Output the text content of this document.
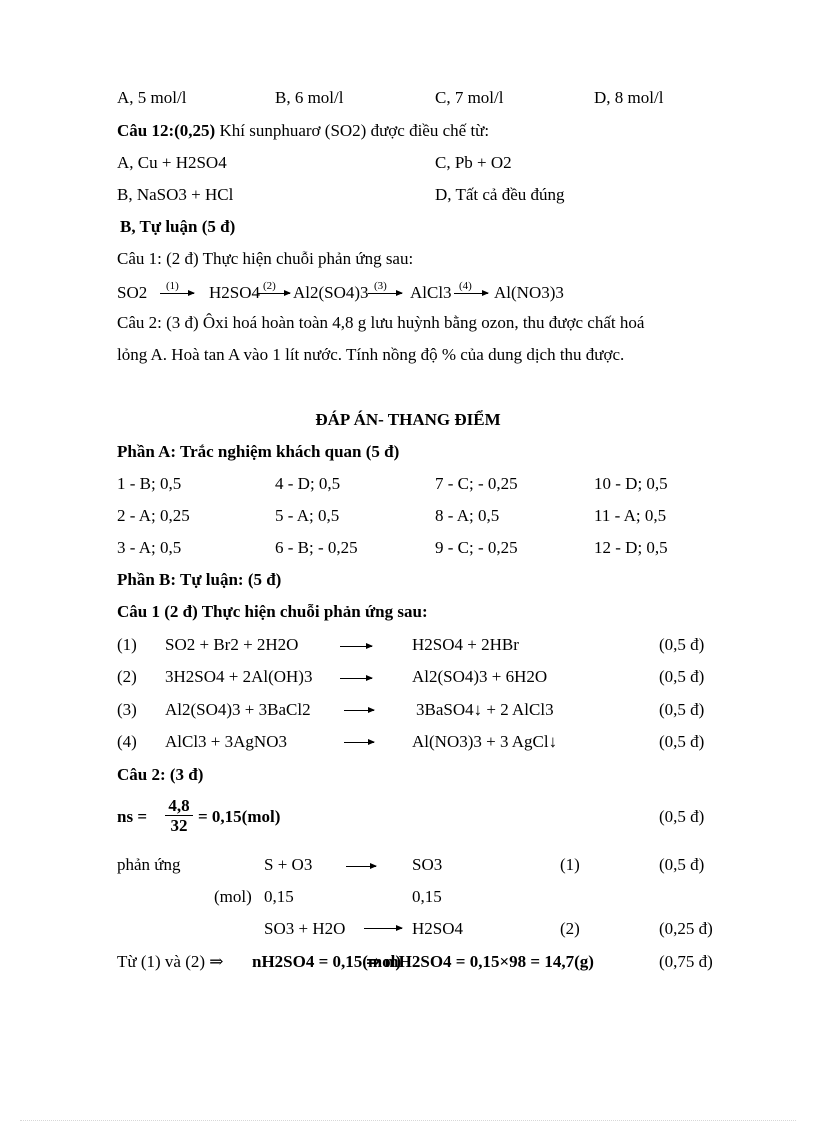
A, 5 mol/l	B, 6 mol/l	C, 7 mol/l	D, 8 mol/l
Câu 12:(0,25) Khí sunphuarơ (SO2) được điều chế từ:
A, Cu + H2SO4	C, Pb + O2
B, NaSO3 + HCl	D, Tất cả đều đúng
B, Tự luận (5 đ)
Câu 1: (2 đ) Thực hiện chuỗi phản ứng sau:
SO2 (1) H2SO4 (2) Al2(SO4)3 (3) AlCl3 (4) Al(NO3)3
Câu 2: (3 đ) Ôxi hoá hoàn toàn 4,8 g lưu huỳnh bằng ozon, thu được chất hoá
lỏng A. Hoà tan A vào 1 lít nước. Tính nồng độ % của dung dịch thu được.
ĐÁP ÁN- THANG ĐIỂM
Phần A: Trắc nghiệm khách quan (5 đ)
1 - B; 0,5	4 - D; 0,5	7 - C; - 0,25	10 - D; 0,5
2 - A; 0,25	5 - A; 0,5	8 - A; 0,5	11 - A; 0,5
3 - A; 0,5	6 - B; - 0,25	9 - C; - 0,25	12 - D; 0,5
Phần B: Tự luận: (5 đ)
Câu 1 (2 đ) Thực hiện chuỗi phản ứng sau:
(1) SO2 + Br2 + 2H2O	H2SO4 + 2HBr	(0,5 đ)
(2) 3H2SO4 + 2Al(OH)3	Al2(SO4)3 + 6H2O	(0,5 đ)
(3) Al2(SO4)3 + 3BaCl2	3BaSO4↓ + 2 AlCl3	(0,5 đ)
(4) AlCl3 + 3AgNO3	Al(NO3)3 + 3 AgCl↓	(0,5 đ)
Câu 2: (3 đ)
ns =
4,8
32 = 0,15(mol)	(0,5 đ)
phản ứng	S + O3	SO3	(1)	(0,5 đ)
(mol) 0,15	0,15
SO3 + H2O	H2SO4	(2)	(0,25 đ)
Từ (1) và (2) ⇒ nH2SO4 = 0,15(mol)
⇒ mH2SO4 = 0,15×98 = 14,7(g)	(0,75 đ)
